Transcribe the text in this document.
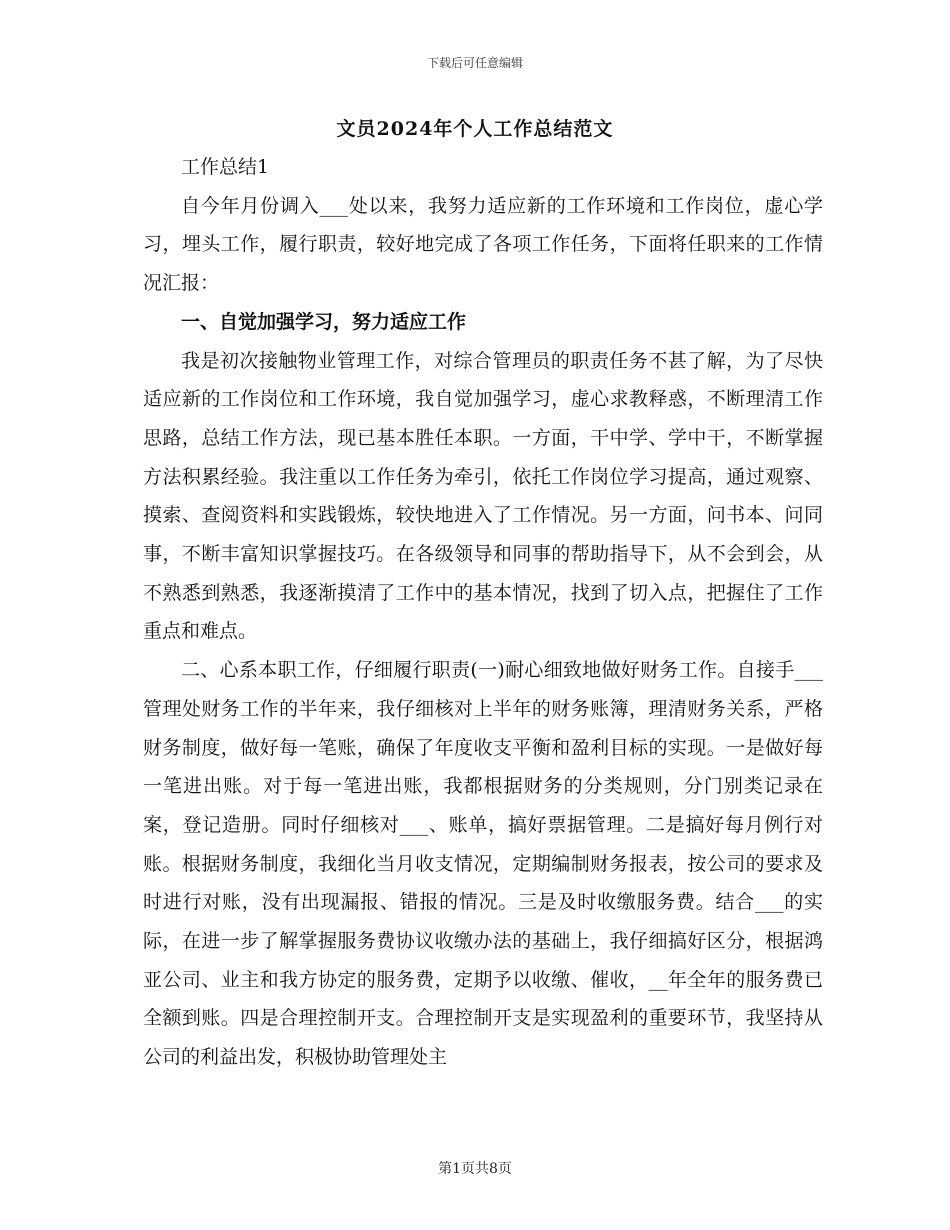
下载后可任意编辑
文员2024年个人工作总结范文

工作总结1

自今年月份调入___处以来，我努力适应新的工作环境和工作岗位，虚心学习，埋头工作，履行职责，较好地完成了各项工作任务，下面将任职来的工作情况汇报：

一、自觉加强学习，努力适应工作

我是初次接触物业管理工作，对综合管理员的职责任务不甚了解，为了尽快适应新的工作岗位和工作环境，我自觉加强学习，虚心求教释惑，不断理清工作思路，总结工作方法，现已基本胜任本职。一方面，干中学、学中干，不断掌握方法积累经验。我注重以工作任务为牵引，依托工作岗位学习提高，通过观察、摸索、查阅资料和实践锻炼，较快地进入了工作情况。另一方面，问书本、问同事，不断丰富知识掌握技巧。在各级领导和同事的帮助指导下，从不会到会，从不熟悉到熟悉，我逐渐摸清了工作中的基本情况，找到了切入点，把握住了工作重点和难点。

二、心系本职工作，仔细履行职责(一)耐心细致地做好财务工作。自接手___管理处财务工作的半年来，我仔细核对上半年的财务账簿，理清财务关系，严格财务制度，做好每一笔账，确保了年度收支平衡和盈利目标的实现。一是做好每一笔进出账。对于每一笔进出账，我都根据财务的分类规则，分门别类记录在案，登记造册。同时仔细核对___、账单，搞好票据管理。二是搞好每月例行对账。根据财务制度，我细化当月收支情况，定期编制财务报表，按公司的要求及时进行对账，没有出现漏报、错报的情况。三是及时收缴服务费。结合___的实际，在进一步了解掌握服务费协议收缴办法的基础上，我仔细搞好区分，根据鸿亚公司、业主和我方协定的服务费，定期予以收缴、催收，__年全年的服务费已全额到账。四是合理控制开支。合理控制开支是实现盈利的重要环节，我坚持从公司的利益出发，积极协助管理处主

第1页共8页
